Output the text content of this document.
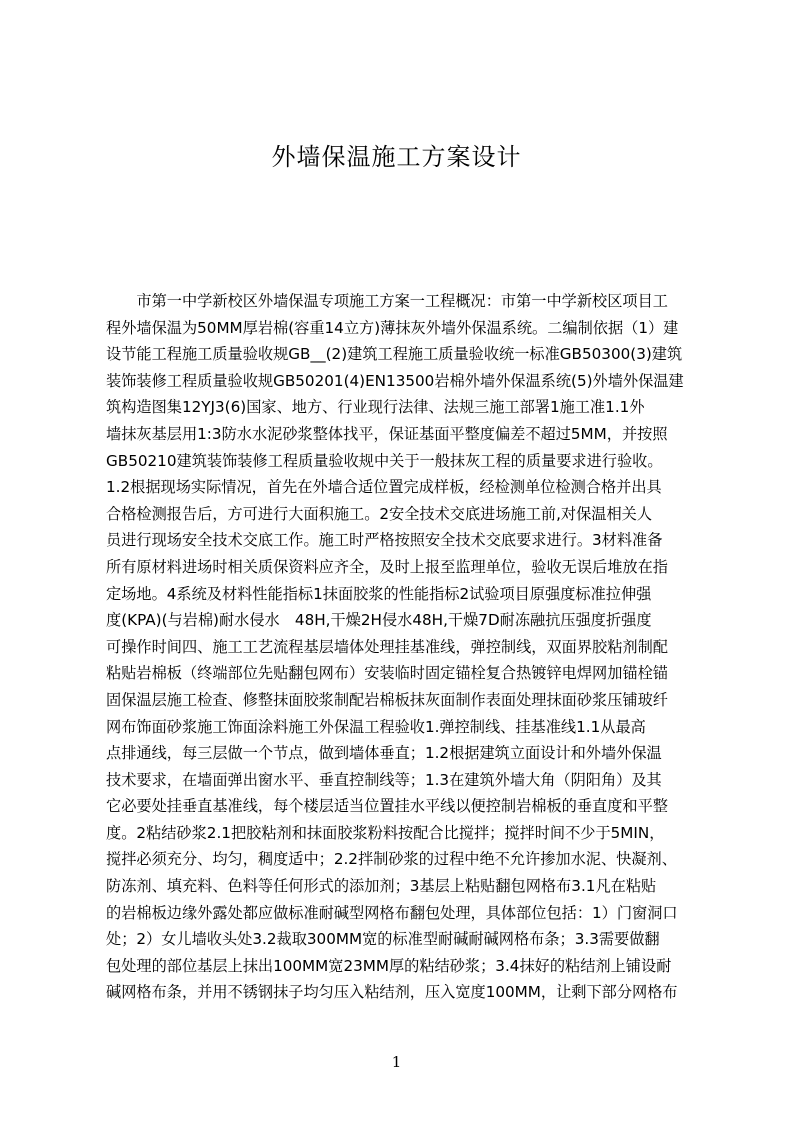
外墙保温施工方案设计
　　市第一中学新校区外墙保温专项施工方案一工程概况：市第一中学新校区项目工
程外墙保温为50MM厚岩棉(容重14立方)薄抹灰外墙外保温系统。二编制依据（1）建
设节能工程施工质量验收规GB__(2)建筑工程施工质量验收统一标准GB50300(3)建筑
装饰装修工程质量验收规GB50201(4)EN13500岩棉外墙外保温系统(5)外墙外保温建
筑构造图集12YJ3(6)国家、地方、行业现行法律、法规三施工部署1施工准1.1外
墙抹灰基层用1:3防水水泥砂浆整体找平，保证基面平整度偏差不超过5MM，并按照
GB50210建筑装饰装修工程质量验收规中关于一般抹灰工程的质量要求进行验收。
1.2根据现场实际情况，首先在外墙合适位置完成样板，经检测单位检测合格并出具
合格检测报告后，方可进行大面积施工。2安全技术交底进场施工前,对保温相关人
员进行现场安全技术交底工作。施工时严格按照安全技术交底要求进行。3材料准备
所有原材料进场时相关质保资料应齐全，及时上报至监理单位，验收无误后堆放在指
定场地。4系统及材料性能指标1抹面胶浆的性能指标2试验项目原强度标准拉伸强
度(KPA)(与岩棉)耐水侵水　48H,干燥2H侵水48H,干燥7D耐冻融抗压强度折强度
可操作时间四、施工工艺流程基层墙体处理挂基准线，弹控制线，双面界胶粘剂制配
粘贴岩棉板（终端部位先贴翻包网布）安装临时固定锚栓复合热镀锌电焊网加锚栓锚
固保温层施工检查、修整抹面胶浆制配岩棉板抹灰面制作表面处理抹面砂浆压铺玻纤
网布饰面砂浆施工饰面涂料施工外保温工程验收1.弹控制线、挂基准线1.1从最高
点排通线，每三层做一个节点，做到墙体垂直；1.2根据建筑立面设计和外墙外保温
技术要求，在墙面弹出窗水平、垂直控制线等；1.3在建筑外墙大角（阴阳角）及其
它必要处挂垂直基准线，每个楼层适当位置挂水平线以便控制岩棉板的垂直度和平整
度。2粘结砂浆2.1把胶粘剂和抹面胶浆粉料按配合比搅拌；搅拌时间不少于5MIN，
搅拌必须充分、均匀，稠度适中；2.2拌制砂浆的过程中绝不允许掺加水泥、快凝剂、
防冻剂、填充料、色料等任何形式的添加剂；3基层上粘贴翻包网格布3.1凡在粘贴
的岩棉板边缘外露处都应做标准耐碱型网格布翻包处理，具体部位包括：1）门窗洞口
处；2）女儿墙收头处3.2裁取300MM宽的标准型耐碱耐碱网格布条；3.3需要做翻
包处理的部位基层上抹出100MM宽23MM厚的粘结砂浆；3.4抹好的粘结剂上铺设耐
碱网格布条，并用不锈钢抹子均匀压入粘结剂，压入宽度100MM，让剩下部分网格布
1
